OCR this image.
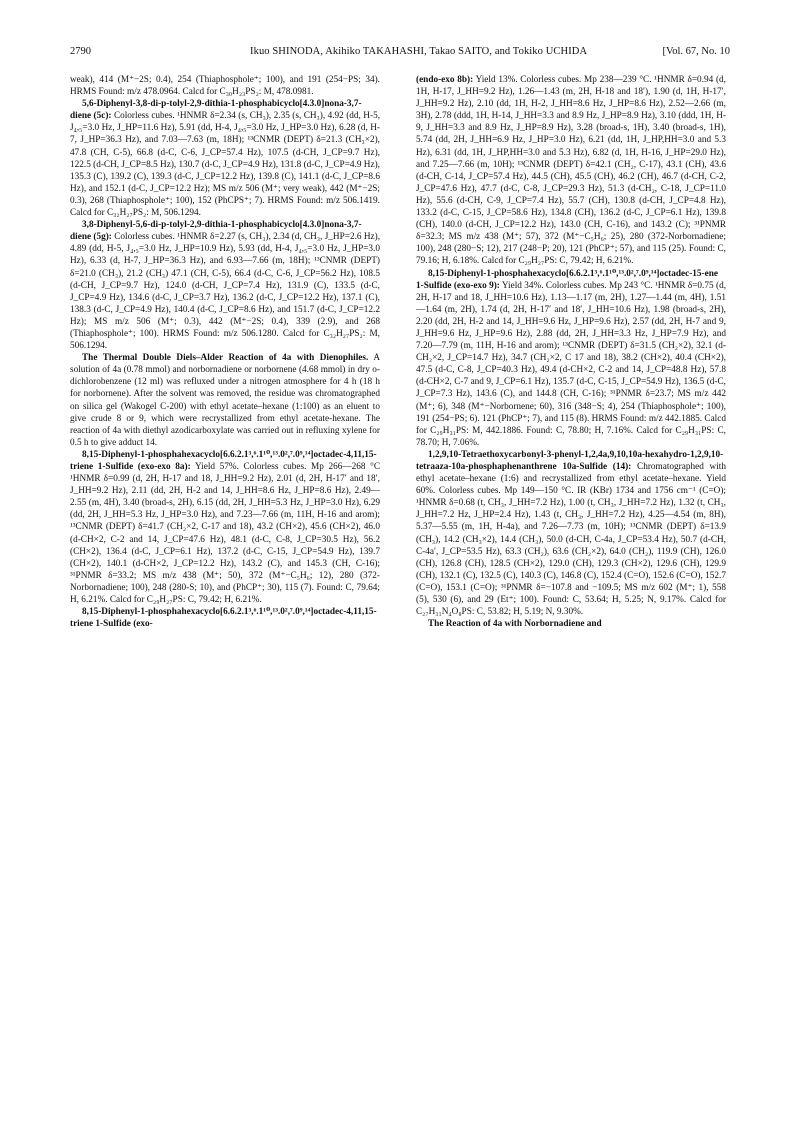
2790	Ikuo SHINODA, Akihiko TAKAHASHI, Takao SAITO, and Tokiko UCHIDA	[Vol. 67, No. 10

weak), 414 (M⁺−2S; 0.4), 254 (Thiaphosphole⁺; 100), and 191 (254−PS; 34). HRMS Found: m/z 478.0964. Calcd for C₃₀H₂₃PS₂: M, 478.0981.

5,6-Diphenyl-3,8-di-p-tolyl-2,9-dithia-1-phosphabicyclo[4.3.0]nona-3,7-diene (5c): Colorless cubes. ¹HNMR δ=2.34 (s, CH₃), 2.35 (s, CH₃), 4.92 (dd, H-5, J₄,₅=3.0 Hz, J_HP=11.6 Hz), 5.91 (dd, H-4, J₄,₅=3.0 Hz, J_HP=3.0 Hz), 6.28 (d, H-7, J_HP=36.3 Hz), and 7.03—7.63 (m, 18H); ¹³CNMR (DEPT) δ=21.3 (CH₃×2), 47.8 (CH, C-5), 66.8 (d-C, C-6, J_CP=57.4 Hz), 107.5 (d-CH, J_CP=9.7 Hz), 122.5 (d-CH, J_CP=8.5 Hz), 130.7 (d-C, J_CP=4.9 Hz), 131.8 (d-C, J_CP=4.9 Hz), 135.3 (C), 139.2 (C), 139.3 (d-C, J_CP=12.2 Hz), 139.8 (C), 141.1 (d-C, J_CP=8.6 Hz), and 152.1 (d-C, J_CP=12.2 Hz); MS m/z 506 (M⁺; very weak), 442 (M⁺−2S; 0.3), 268 (Thiaphosphole⁺; 100), 152 (PhCPS⁺; 7). HRMS Found: m/z 506.1419. Calcd for C₃₂H₂₇PS₂: M, 506.1294.

3,8-Diphenyl-5,6-di-p-tolyl-2,9-dithia-1-phosphabicyclo[4.3.0]nona-3,7-diene (5g): Colorless cubes. ¹HNMR δ=2.27 (s, CH₃), 2.34 (d, CH₃, J_HP=2.6 Hz), 4.89 (dd, H-5, J₄,₅=3.0 Hz, J_HP=10.9 Hz), 5.93 (dd, H-4, J₄,₅=3.0 Hz, J_HP=3.0 Hz), 6.33 (d, H-7, J_HP=36.3 Hz), and 6.93—7.66 (m, 18H); ¹³CNMR (DEPT) δ=21.0 (CH₃), 21.2 (CH₃) 47.1 (CH, C-5), 66.4 (d-C, C-6, J_CP=56.2 Hz), 108.5 (d-CH, J_CP=9.7 Hz), 124.0 (d-CH, J_CP=7.4 Hz), 131.9 (C), 133.5 (d-C, J_CP=4.9 Hz), 134.6 (d-C, J_CP=3.7 Hz), 136.2 (d-C, J_CP=12.2 Hz), 137.1 (C), 138.3 (d-C, J_CP=4.9 Hz), 140.4 (d-C, J_CP=8.6 Hz), and 151.7 (d-C, J_CP=12.2 Hz); MS m/z 506 (M⁺; 0.3), 442 (M⁺−2S; 0.4), 339 (2.9), and 268 (Thiaphosphole⁺; 100). HRMS Found: m/z 506.1280. Calcd for C₃₂H₂₇PS₂: M, 506.1294.

The Thermal Double Diels–Alder Reaction of 4a with Dienophiles. A solution of 4a (0.78 mmol) and norbornadiene or norbornene (4.68 mmol) in dry o-dichlorobenzene (12 ml) was refluxed under a nitrogen atmosphere for 4 h (18 h for norbornene). After the solvent was removed, the residue was chromatographed on silica gel (Wakogel C-200) with ethyl acetate–hexane (1:100) as an eluent to give crude 8 or 9, which were recrystallized from ethyl acetate-hexane. The reaction of 4a with diethyl azodicarboxylate was carried out in refluxing xylene for 0.5 h to give adduct 14.

8,15-Diphenyl-1-phosphahexacyclo[6.6.2.1³,⁶.1¹⁰,¹³.0²,⁷.0⁹,¹⁴]octadec-4,11,15-triene 1-Sulfide (exo-exo 8a): Yield 57%. Colorless cubes. Mp 266—268 °C ¹HNMR δ=0.99 (d, 2H, H-17 and 18, J_HH=9.2 Hz), 2.01 (d, 2H, H-17′ and 18′, J_HH=9.2 Hz), 2.11 (dd, 2H, H-2 and 14, J_HH=8.6 Hz, J_HP=8.6 Hz), 2.49—2.55 (m, 4H), 3.40 (broad-s, 2H), 6.15 (dd, 2H, J_HH=5.3 Hz, J_HP=3.0 Hz), 6.29 (dd, 2H, J_HH=5.3 Hz, J_HP=3.0 Hz), and 7.23—7.66 (m, 11H, H-16 and arom); ¹³CNMR (DEPT) δ=41.7 (CH₂×2, C-17 and 18), 43.2 (CH×2), 45.6 (CH×2), 46.0 (d-CH×2, C-2 and 14, J_CP=47.6 Hz), 48.1 (d-C, C-8, J_CP=30.5 Hz), 56.2 (CH×2), 136.4 (d-C, J_CP=6.1 Hz), 137.2 (d-C, C-15, J_CP=54.9 Hz), 139.7 (CH×2), 140.1 (d-CH×2, J_CP=12.2 Hz), 143.2 (C), and 145.3 (CH, C-16); ³¹PNMR δ=33.2; MS m/z 438 (M⁺; 50), 372 (M⁺−C₅H₆; 12), 280 (372-Norbornadiene; 100), 248 (280-S; 10), and (PhCP⁺; 30), 115 (7). Found: C, 79.64; H, 6.21%. Calcd for C₂₉H₂₇PS: C, 79.42; H, 6.21%.

8,15-Diphenyl-1-phosphahexacyclo[6.6.2.1³,⁶.1¹⁰,¹³.0²,⁷.0⁹,¹⁴]octadec-4,11,15-triene 1-Sulfide (exo-

(endo-exo 8b): Yield 13%. Colorless cubes. Mp 238—239 °C. ¹HNMR δ=0.94 (d, 1H, H-17, J_HH=9.2 Hz), 1.26—1.43 (m, 2H, H-18 and 18′), 1.90 (d, 1H, H-17′, J_HH=9.2 Hz), 2.10 (dd, 1H, H-2, J_HH=8.6 Hz, J_HP=8.6 Hz), 2.52—2.66 (m, 3H), 2.78 (ddd, 1H, H-14, J_HH=3.3 and 8.9 Hz, J_HP=8.9 Hz), 3.10 (ddd, 1H, H-9, J_HH=3.3 and 8.9 Hz, J_HP=8.9 Hz), 3.28 (broad-s, 1H), 3.40 (broad-s, 1H), 5.74 (dd, 2H, J_HH=6.9 Hz, J_HP=3.0 Hz), 6.21 (dd, 1H, J_HP,HH=3.0 and 5.3 Hz), 6.31 (dd, 1H, J_HP,HH=3.0 and 5.3 Hz), 6.82 (d, 1H, H-16, J_HP=29.0 Hz), and 7.25—7.66 (m, 10H); ¹³CNMR (DEPT) δ=42.1 (CH₂, C-17), 43.1 (CH), 43.6 (d-CH, C-14, J_CP=57.4 Hz), 44.5 (CH), 45.5 (CH), 46.2 (CH), 46.7 (d-CH, C-2, J_CP=47.6 Hz), 47.7 (d-C, C-8, J_CP=29.3 Hz), 51.3 (d-CH₂, C-18, J_CP=11.0 Hz), 55.6 (d-CH, C-9, J_CP=7.4 Hz), 55.7 (CH), 130.8 (d-CH, J_CP=4.8 Hz), 133.2 (d-C, C-15, J_CP=58.6 Hz), 134.8 (CH), 136.2 (d-C, J_CP=6.1 Hz), 139.8 (CH), 140.0 (d-CH, J_CP=12.2 Hz), 143.0 (CH, C-16), and 143.2 (C); ³¹PNMR δ=32.3; MS m/z 438 (M⁺; 57), 372 (M⁺−C₅H₆; 25), 280 (372-Norbornadiene; 100), 248 (280−S; 12), 217 (248−P; 20), 121 (PhCP⁺; 57), and 115 (25). Found: C, 79.16; H, 6.18%. Calcd for C₂₉H₂₇PS: C, 79.42; H, 6.21%.

8,15-Diphenyl-1-phosphahexacyclo[6.6.2.1³,⁶.1¹⁰,¹³.0²,⁷.0⁹,¹⁴]octadec-15-ene 1-Sulfide (exo-exo 9): Yield 34%. Colorless cubes. Mp 243 °C. ¹HNMR δ=0.75 (d, 2H, H-17 and 18, J_HH=10.6 Hz), 1.13—1.17 (m, 2H), 1.27—1.44 (m, 4H), 1.51—1.64 (m, 2H), 1.74 (d, 2H, H-17′ and 18′, J_HH=10.6 Hz), 1.98 (broad-s, 2H), 2.20 (dd, 2H, H-2 and 14, J_HH=9.6 Hz, J_HP=9.6 Hz), 2.57 (dd, 2H, H-7 and 9, J_HH=9.6 Hz, J_HP=9.6 Hz), 2.88 (dd, 2H, J_HH=3.3 Hz, J_HP=7.9 Hz), and 7.20—7.79 (m, 11H, H-16 and arom); ¹³CNMR (DEPT) δ=31.5 (CH₂×2), 32.1 (d-CH₂×2, J_CP=14.7 Hz), 34.7 (CH₂×2, C 17 and 18), 38.2 (CH×2), 40.4 (CH×2), 47.5 (d-C, C-8, J_CP=40.3 Hz), 49.4 (d-CH×2, C-2 and 14, J_CP=48.8 Hz), 57.8 (d-CH×2, C-7 and 9, J_CP=6.1 Hz), 135.7 (d-C, C-15, J_CP=54.9 Hz), 136.5 (d-C, J_CP=7.3 Hz), 143.6 (C), and 144.8 (CH, C-16); ³¹PNMR δ=23.7; MS m/z 442 (M⁺; 6), 348 (M⁺−Norbornene; 60), 316 (348−S; 4), 254 (Thiaphosphole⁺; 100), 191 (254−PS; 6). 121 (PhCP⁺; 7), and 115 (8). HRMS Found: m/z 442.1885. Calcd for C₂₉H₃₁PS: M, 442.1886. Found: C, 78.80; H, 7.16%. Calcd for C₂₉H₃₁PS: C, 78.70; H, 7.06%.

1,2,9,10-Tetraethoxycarbonyl-3-phenyl-1,2,4a,9,10,10a-hexahydro-1,2,9,10-tetraaza-10a-phosphaphenanthrene 10a-Sulfide (14): Chromatographed with ethyl acetate–hexane (1:6) and recrystallized from ethyl acetate–hexane. Yield 60%. Colorless cubes. Mp 149—150 °C. IR (KBr) 1734 and 1756 cm⁻¹ (C=O); ¹HNMR δ=0.68 (t, CH₃, J_HH=7.2 Hz), 1.00 (t, CH₃, J_HH=7.2 Hz), 1.32 (t, CH₃, J_HH=7.2 Hz, J_HP=2.4 Hz), 1.43 (t, CH₃, J_HH=7.2 Hz), 4.25—4.54 (m, 8H), 5.37—5.55 (m, 1H, H-4a), and 7.26—7.73 (m, 10H); ¹³CNMR (DEPT) δ=13.9 (CH₃), 14.2 (CH₃×2), 14.4 (CH₃), 50.0 (d-CH, C-4a, J_CP=53.4 Hz), 50.7 (d-CH, C-4a′, J_CP=53.5 Hz), 63.3 (CH₂), 63.6 (CH₂×2), 64.0 (CH₂), 119.9 (CH), 126.0 (CH), 126.8 (CH), 128.5 (CH×2), 129.0 (CH), 129.3 (CH×2), 129.6 (CH), 129.9 (CH), 132.1 (C), 132.5 (C), 140.3 (C), 146.8 (C), 152.4 (C=O), 152.6 (C=O), 152.7 (C=O), 153.1 (C=O); ³¹PNMR δ=−107.8 and −109.5; MS m/z 602 (M⁺; 1), 558 (5), 530 (6), and 29 (Et⁺; 100). Found: C, 53.64; H, 5.25; N, 9.17%. Calcd for C₂₇H₃₁N₄O₈PS: C, 53.82; H, 5.19; N, 9.30%.

The Reaction of 4a with Norbornadiene and
